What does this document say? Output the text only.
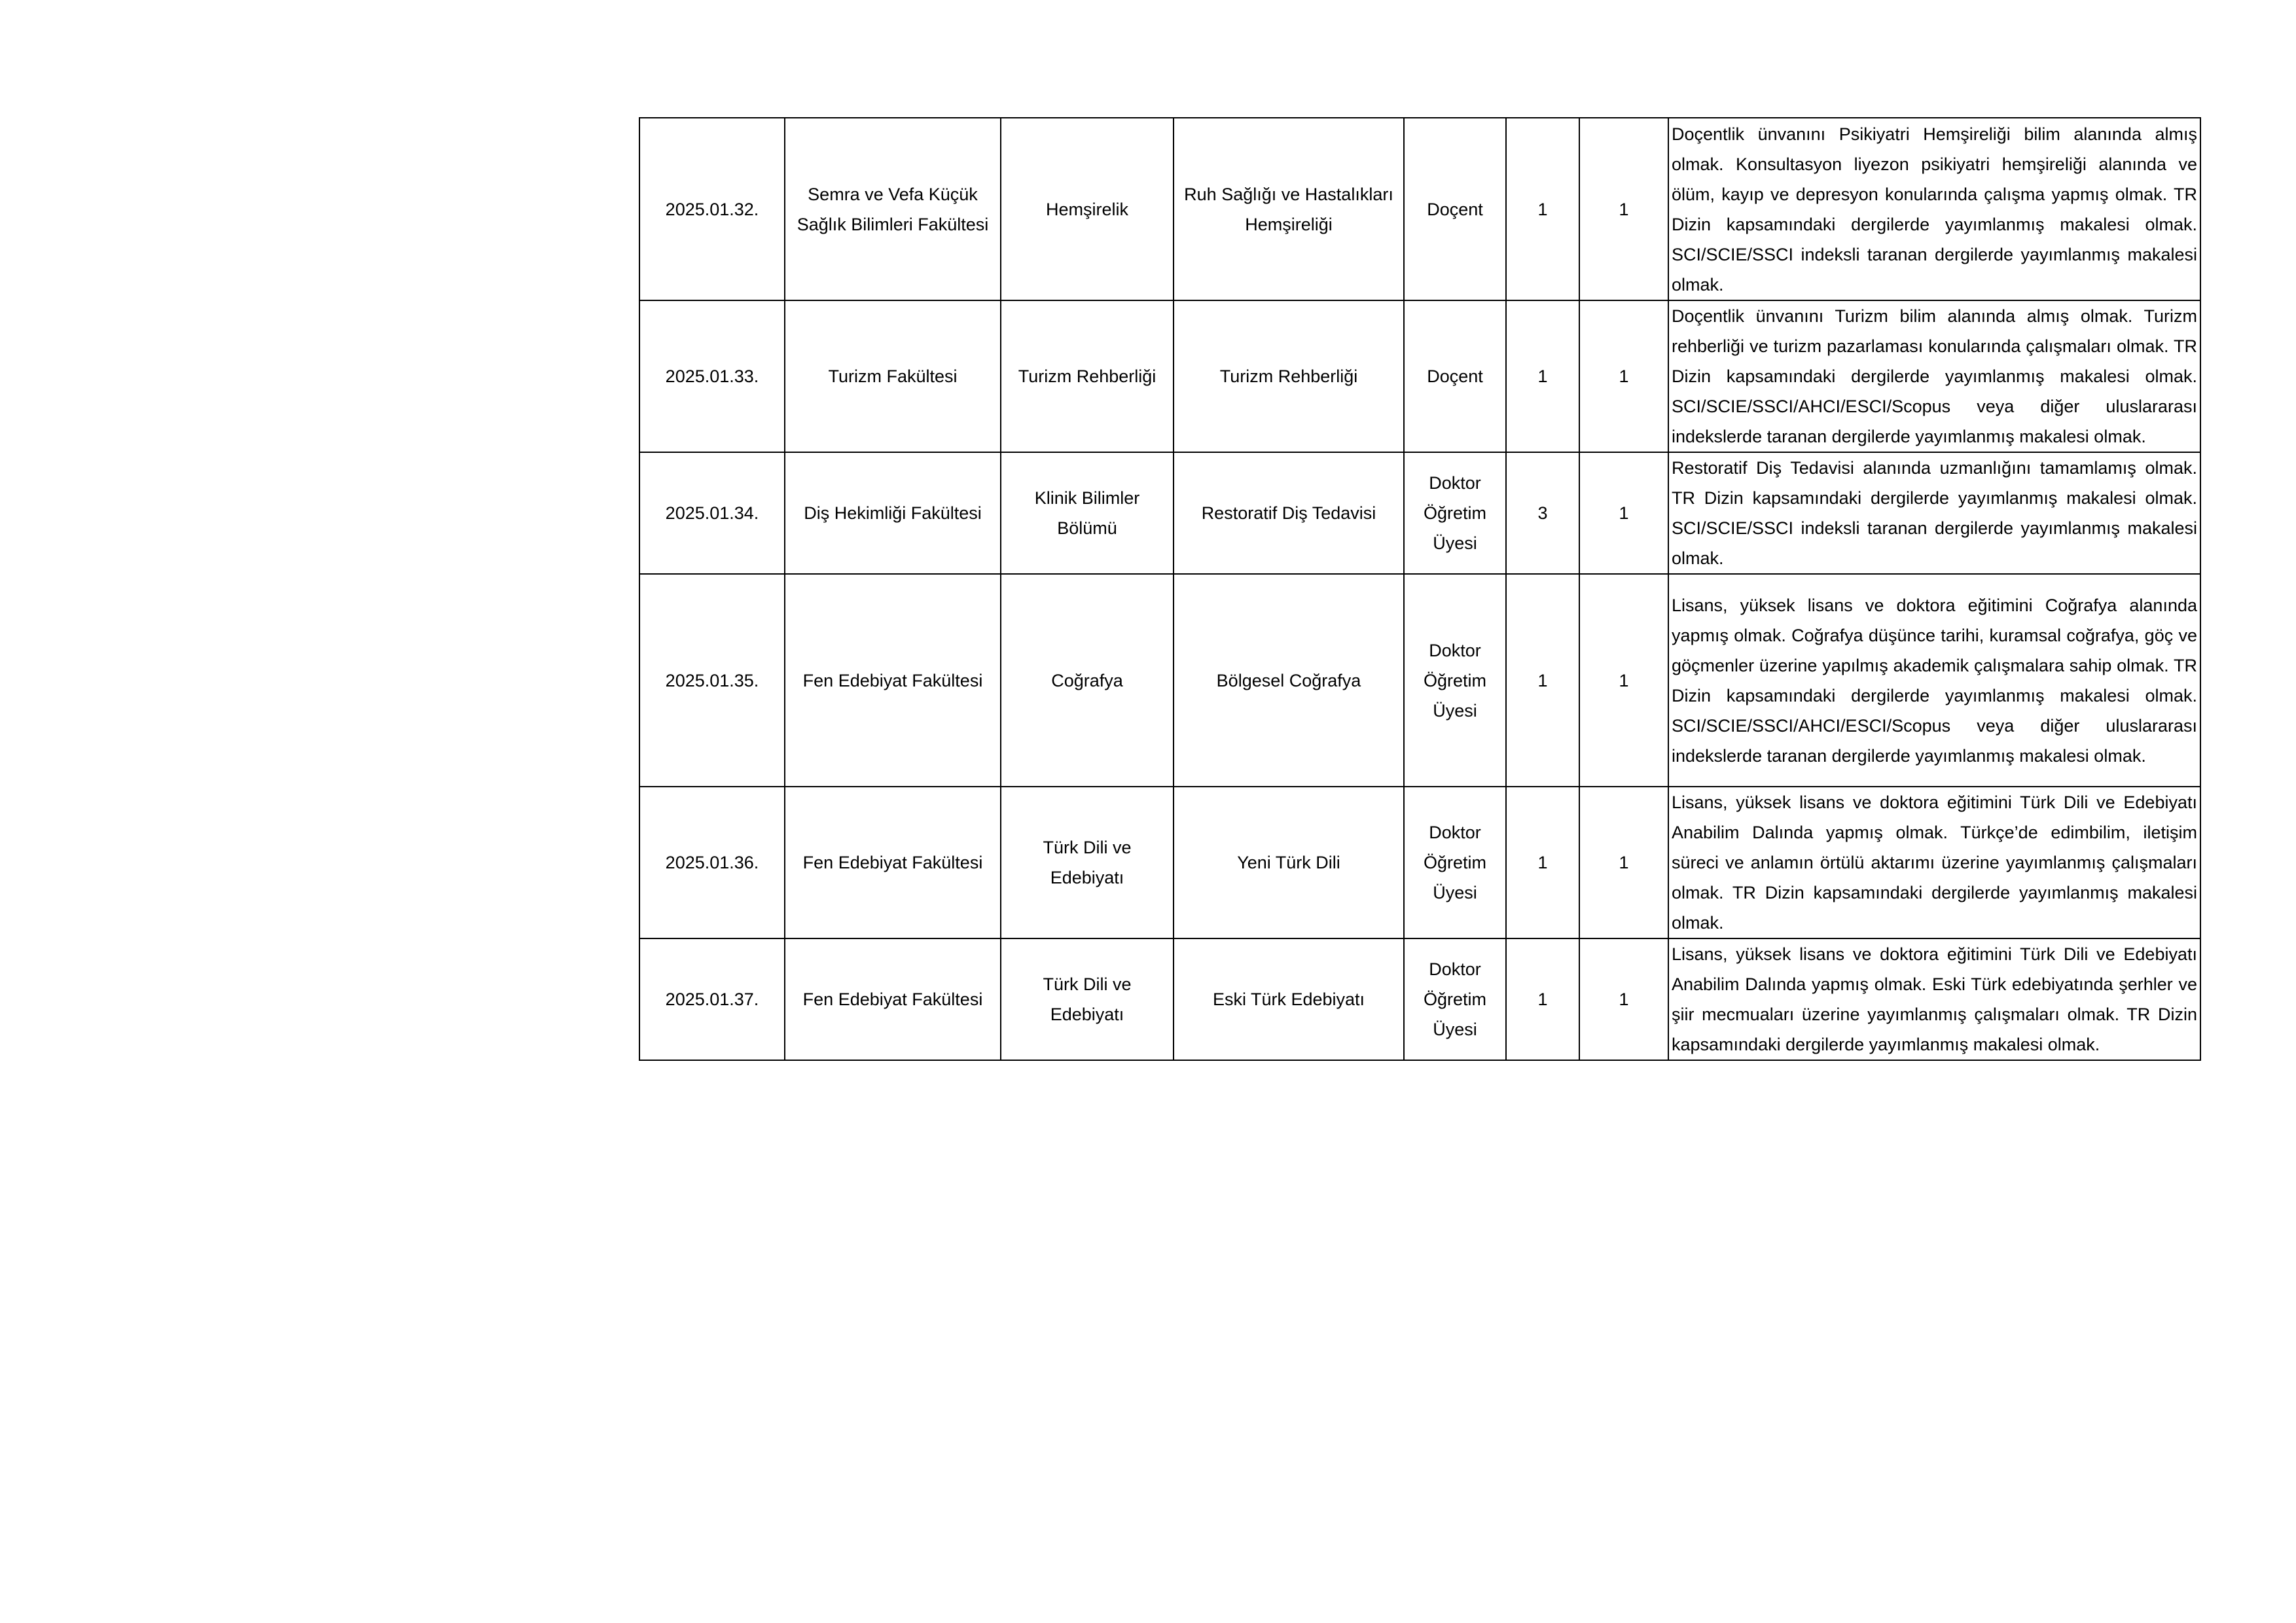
2025.01.32.	Semra ve Vefa Küçük Sağlık Bilimleri Fakültesi	Hemşirelik	Ruh Sağlığı ve Hastalıkları Hemşireliği	Doçent	1	1	Doçentlik ünvanını Psikiyatri Hemşireliği bilim alanında almış olmak. Konsultasyon liyezon psikiyatri hemşireliği alanında ve ölüm, kayıp ve depresyon konularında çalışma yapmış olmak. TR Dizin kapsamındaki dergilerde yayımlanmış makalesi olmak. SCI/SCIE/SSCI indeksli taranan dergilerde yayımlanmış makalesi olmak.
2025.01.33.	Turizm Fakültesi	Turizm Rehberliği	Turizm Rehberliği	Doçent	1	1	Doçentlik ünvanını Turizm bilim alanında almış olmak. Turizm rehberliği ve turizm pazarlaması konularında çalışmaları olmak. TR Dizin kapsamındaki dergilerde yayımlanmış makalesi olmak. SCI/SCIE/SSCI/AHCI/ESCI/Scopus veya diğer uluslararası indekslerde taranan dergilerde yayımlanmış makalesi olmak.
2025.01.34.	Diş Hekimliği Fakültesi	Klinik Bilimler Bölümü	Restoratif Diş Tedavisi	Doktor Öğretim Üyesi	3	1	Restoratif Diş Tedavisi alanında uzmanlığını tamamlamış olmak. TR Dizin kapsamındaki dergilerde yayımlanmış makalesi olmak. SCI/SCIE/SSCI indeksli taranan dergilerde yayımlanmış makalesi olmak.
2025.01.35.	Fen Edebiyat Fakültesi	Coğrafya	Bölgesel Coğrafya	Doktor Öğretim Üyesi	1	1	Lisans, yüksek lisans ve doktora eğitimini Coğrafya alanında yapmış olmak. Coğrafya düşünce tarihi, kuramsal coğrafya, göç ve göçmenler üzerine yapılmış akademik çalışmalara sahip olmak. TR Dizin kapsamındaki dergilerde yayımlanmış makalesi olmak. SCI/SCIE/SSCI/AHCI/ESCI/Scopus veya diğer uluslararası indekslerde taranan dergilerde yayımlanmış makalesi olmak.
2025.01.36.	Fen Edebiyat Fakültesi	Türk Dili ve Edebiyatı	Yeni Türk Dili	Doktor Öğretim Üyesi	1	1	Lisans, yüksek lisans ve doktora eğitimini Türk Dili ve Edebiyatı Anabilim Dalında yapmış olmak. Türkçe’de edimbilim, iletişim süreci ve anlamın örtülü aktarımı üzerine yayımlanmış çalışmaları olmak. TR Dizin kapsamındaki dergilerde yayımlanmış makalesi olmak.
2025.01.37.	Fen Edebiyat Fakültesi	Türk Dili ve Edebiyatı	Eski Türk Edebiyatı	Doktor Öğretim Üyesi	1	1	Lisans, yüksek lisans ve doktora eğitimini Türk Dili ve Edebiyatı Anabilim Dalında yapmış olmak. Eski Türk edebiyatında şerhler ve şiir mecmuaları üzerine yayımlanmış çalışmaları olmak. TR Dizin kapsamındaki dergilerde yayımlanmış makalesi olmak.
